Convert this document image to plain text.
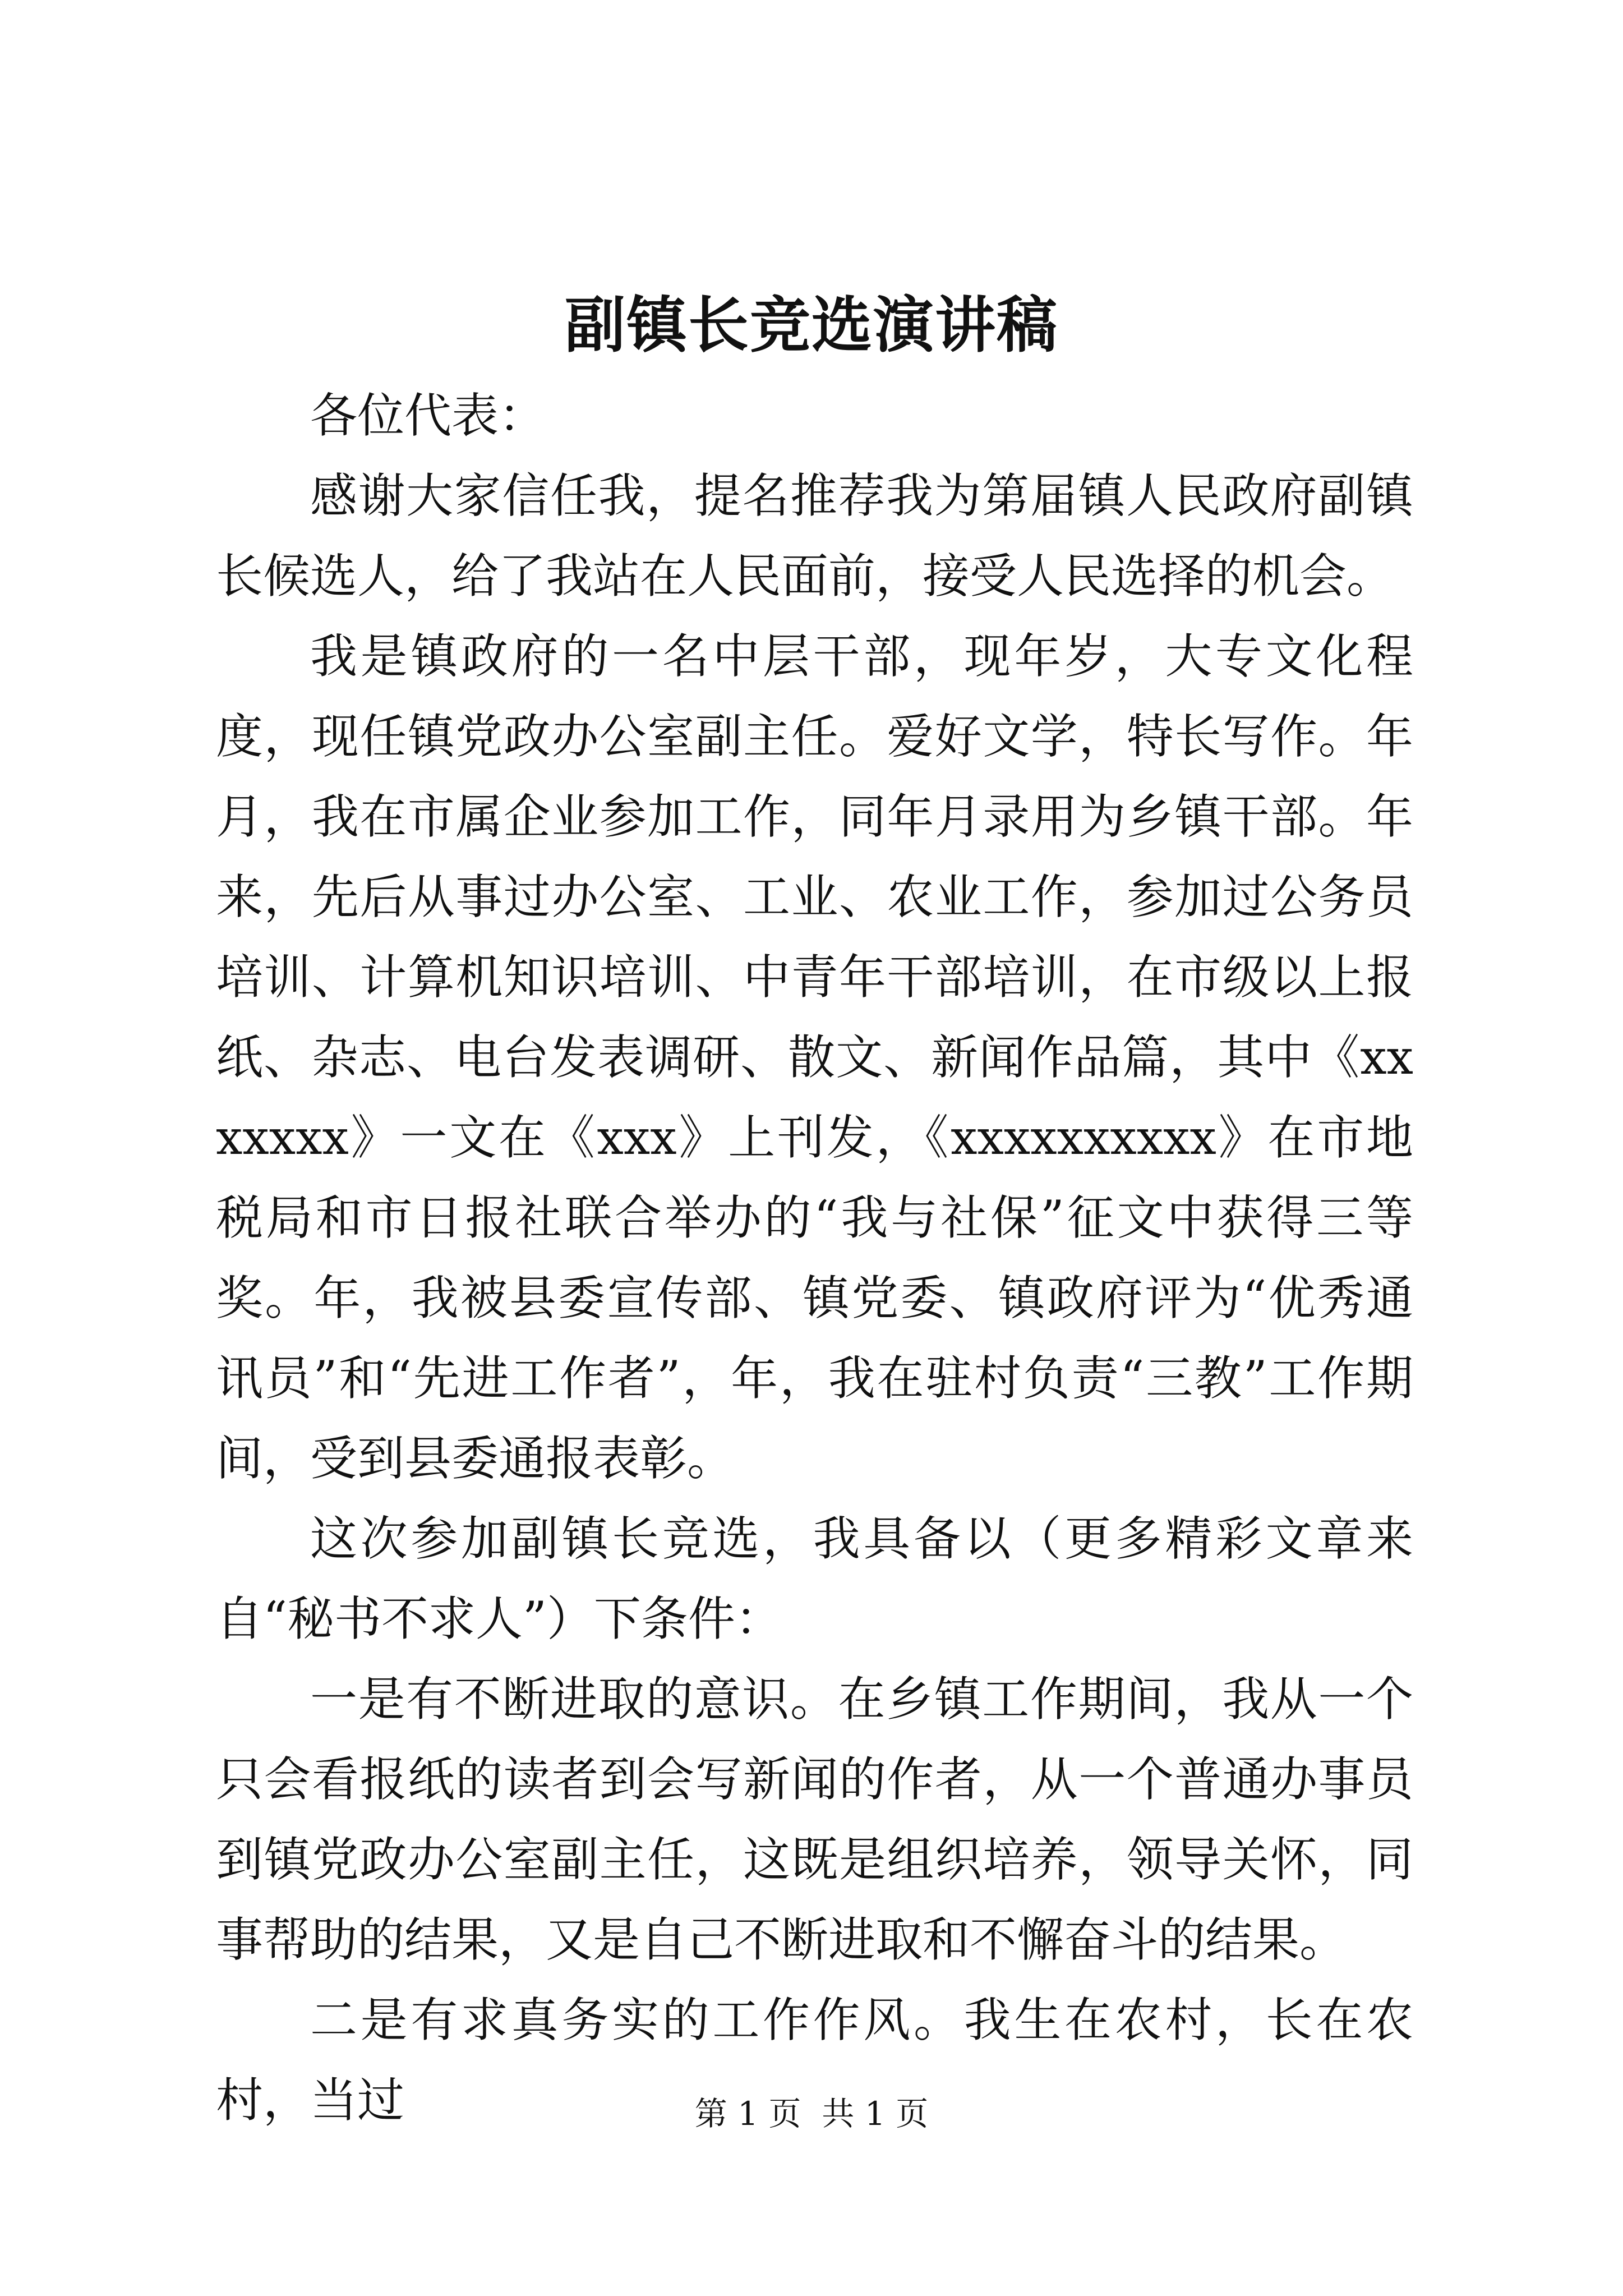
副镇长竞选演讲稿

各位代表：

感谢大家信任我，提名推荐我为第届镇人民政府副镇长候选人，给了我站在人民面前，接受人民选择的机会。

我是镇政府的一名中层干部，现年岁，大专文化程度，现任镇党政办公室副主任。爱好文学，特长写作。年月，我在市属企业参加工作，同年月录用为乡镇干部。年来，先后从事过办公室、工业、农业工作，参加过公务员培训、计算机知识培训、中青年干部培训，在市级以上报纸、杂志、电台发表调研、散文、新闻作品篇，其中《xxxxxxx》一文在《xxx》上刊发，《xxxxxxxxxx》在市地税局和市日报社联合举办的“我与社保”征文中获得三等奖。年，我被县委宣传部、镇党委、镇政府评为“优秀通讯员”和“先进工作者”，年，我在驻村负责“三教”工作期间，受到县委通报表彰。

这次参加副镇长竞选，我具备以（更多精彩文章来自“秘书不求人”）下条件：

一是有不断进取的意识。在乡镇工作期间，我从一个只会看报纸的读者到会写新闻的作者，从一个普通办事员到镇党政办公室副主任，这既是组织培养，领导关怀，同事帮助的结果，又是自己不断进取和不懈奋斗的结果。

二是有求真务实的工作作风。我生在农村，长在农村，当过	第 1 页  共 1 页
